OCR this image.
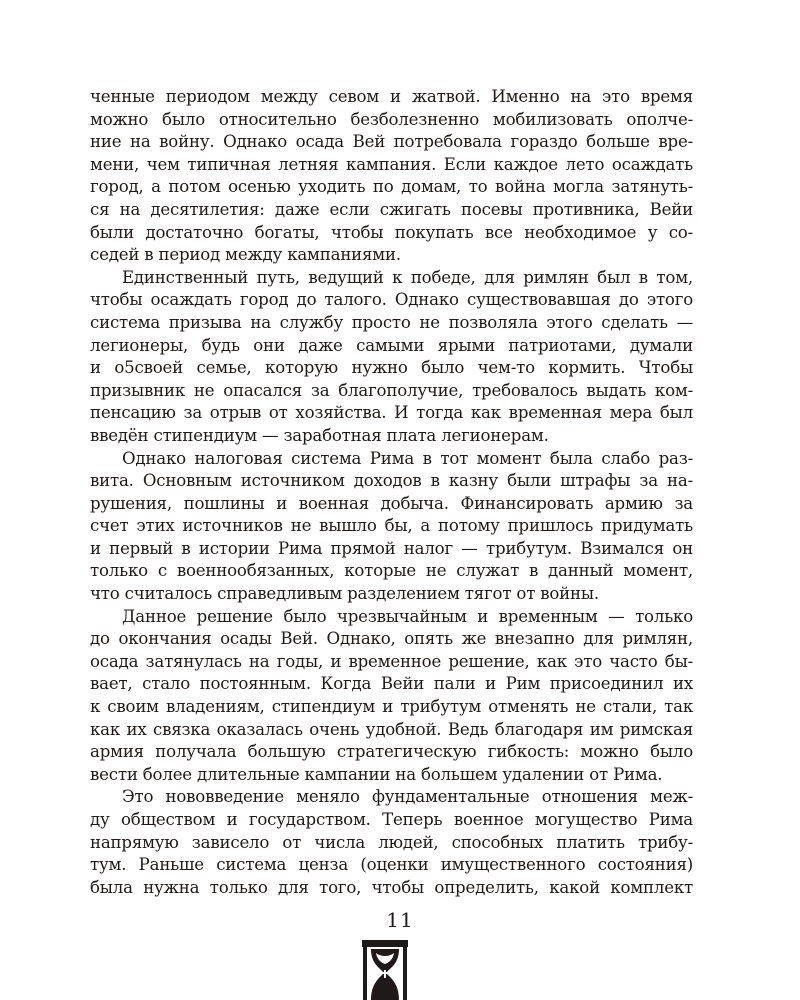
ченные периодом между севом и жатвой. Именно на это время
можно было относительно безболезненно мобилизовать ополче-
ние на войну. Однако осада Вей потребовала гораздо больше вре-
мени, чем типичная летняя кампания. Если каждое лето осаждать
город, а потом осенью уходить по домам, то война могла затянуть-
ся на десятилетия: даже если сжигать посевы противника, Вейи
были достаточно богаты, чтобы покупать все необходимое у со-
седей в период между кампаниями.
Единственный путь, ведущий к победе, для римлян был в том,
чтобы осаждать город до талого. Однако существовавшая до этого
система призыва на службу просто не позволяла этого сделать —
легионеры, будь они даже самыми ярыми патриотами, думали
и о5своей семье, которую нужно было чем-то кормить. Чтобы
призывник не опасался за благополучие, требовалось выдать ком-
пенсацию за отрыв от хозяйства. И тогда как временная мера был
введён стипендиум — заработная плата легионерам.
Однако налоговая система Рима в тот момент была слабо раз-
вита. Основным источником доходов в казну были штрафы за на-
рушения, пошлины и военная добыча. Финансировать армию за
счет этих источников не вышло бы, а потому пришлось придумать
и первый в истории Рима прямой налог — трибутум. Взимался он
только с военнообязанных, которые не служат в данный момент,
что считалось справедливым разделением тягот от войны.
Данное решение было чрезвычайным и временным — только
до окончания осады Вей. Однако, опять же внезапно для римлян,
осада затянулась на годы, и временное решение, как это часто бы-
вает, стало постоянным. Когда Вейи пали и Рим присоединил их
к своим владениям, стипендиум и трибутум отменять не стали, так
как их связка оказалась очень удобной. Ведь благодаря им римская
армия получала большую стратегическую гибкость: можно было
вести более длительные кампании на большем удалении от Рима.
Это нововведение меняло фундаментальные отношения меж-
ду обществом и государством. Теперь военное могущество Рима
напрямую зависело от числа людей, способных платить трибу-
тум. Раньше система ценза (оценки имущественного состояния)
была нужна только для того, чтобы определить, какой комплект
11
